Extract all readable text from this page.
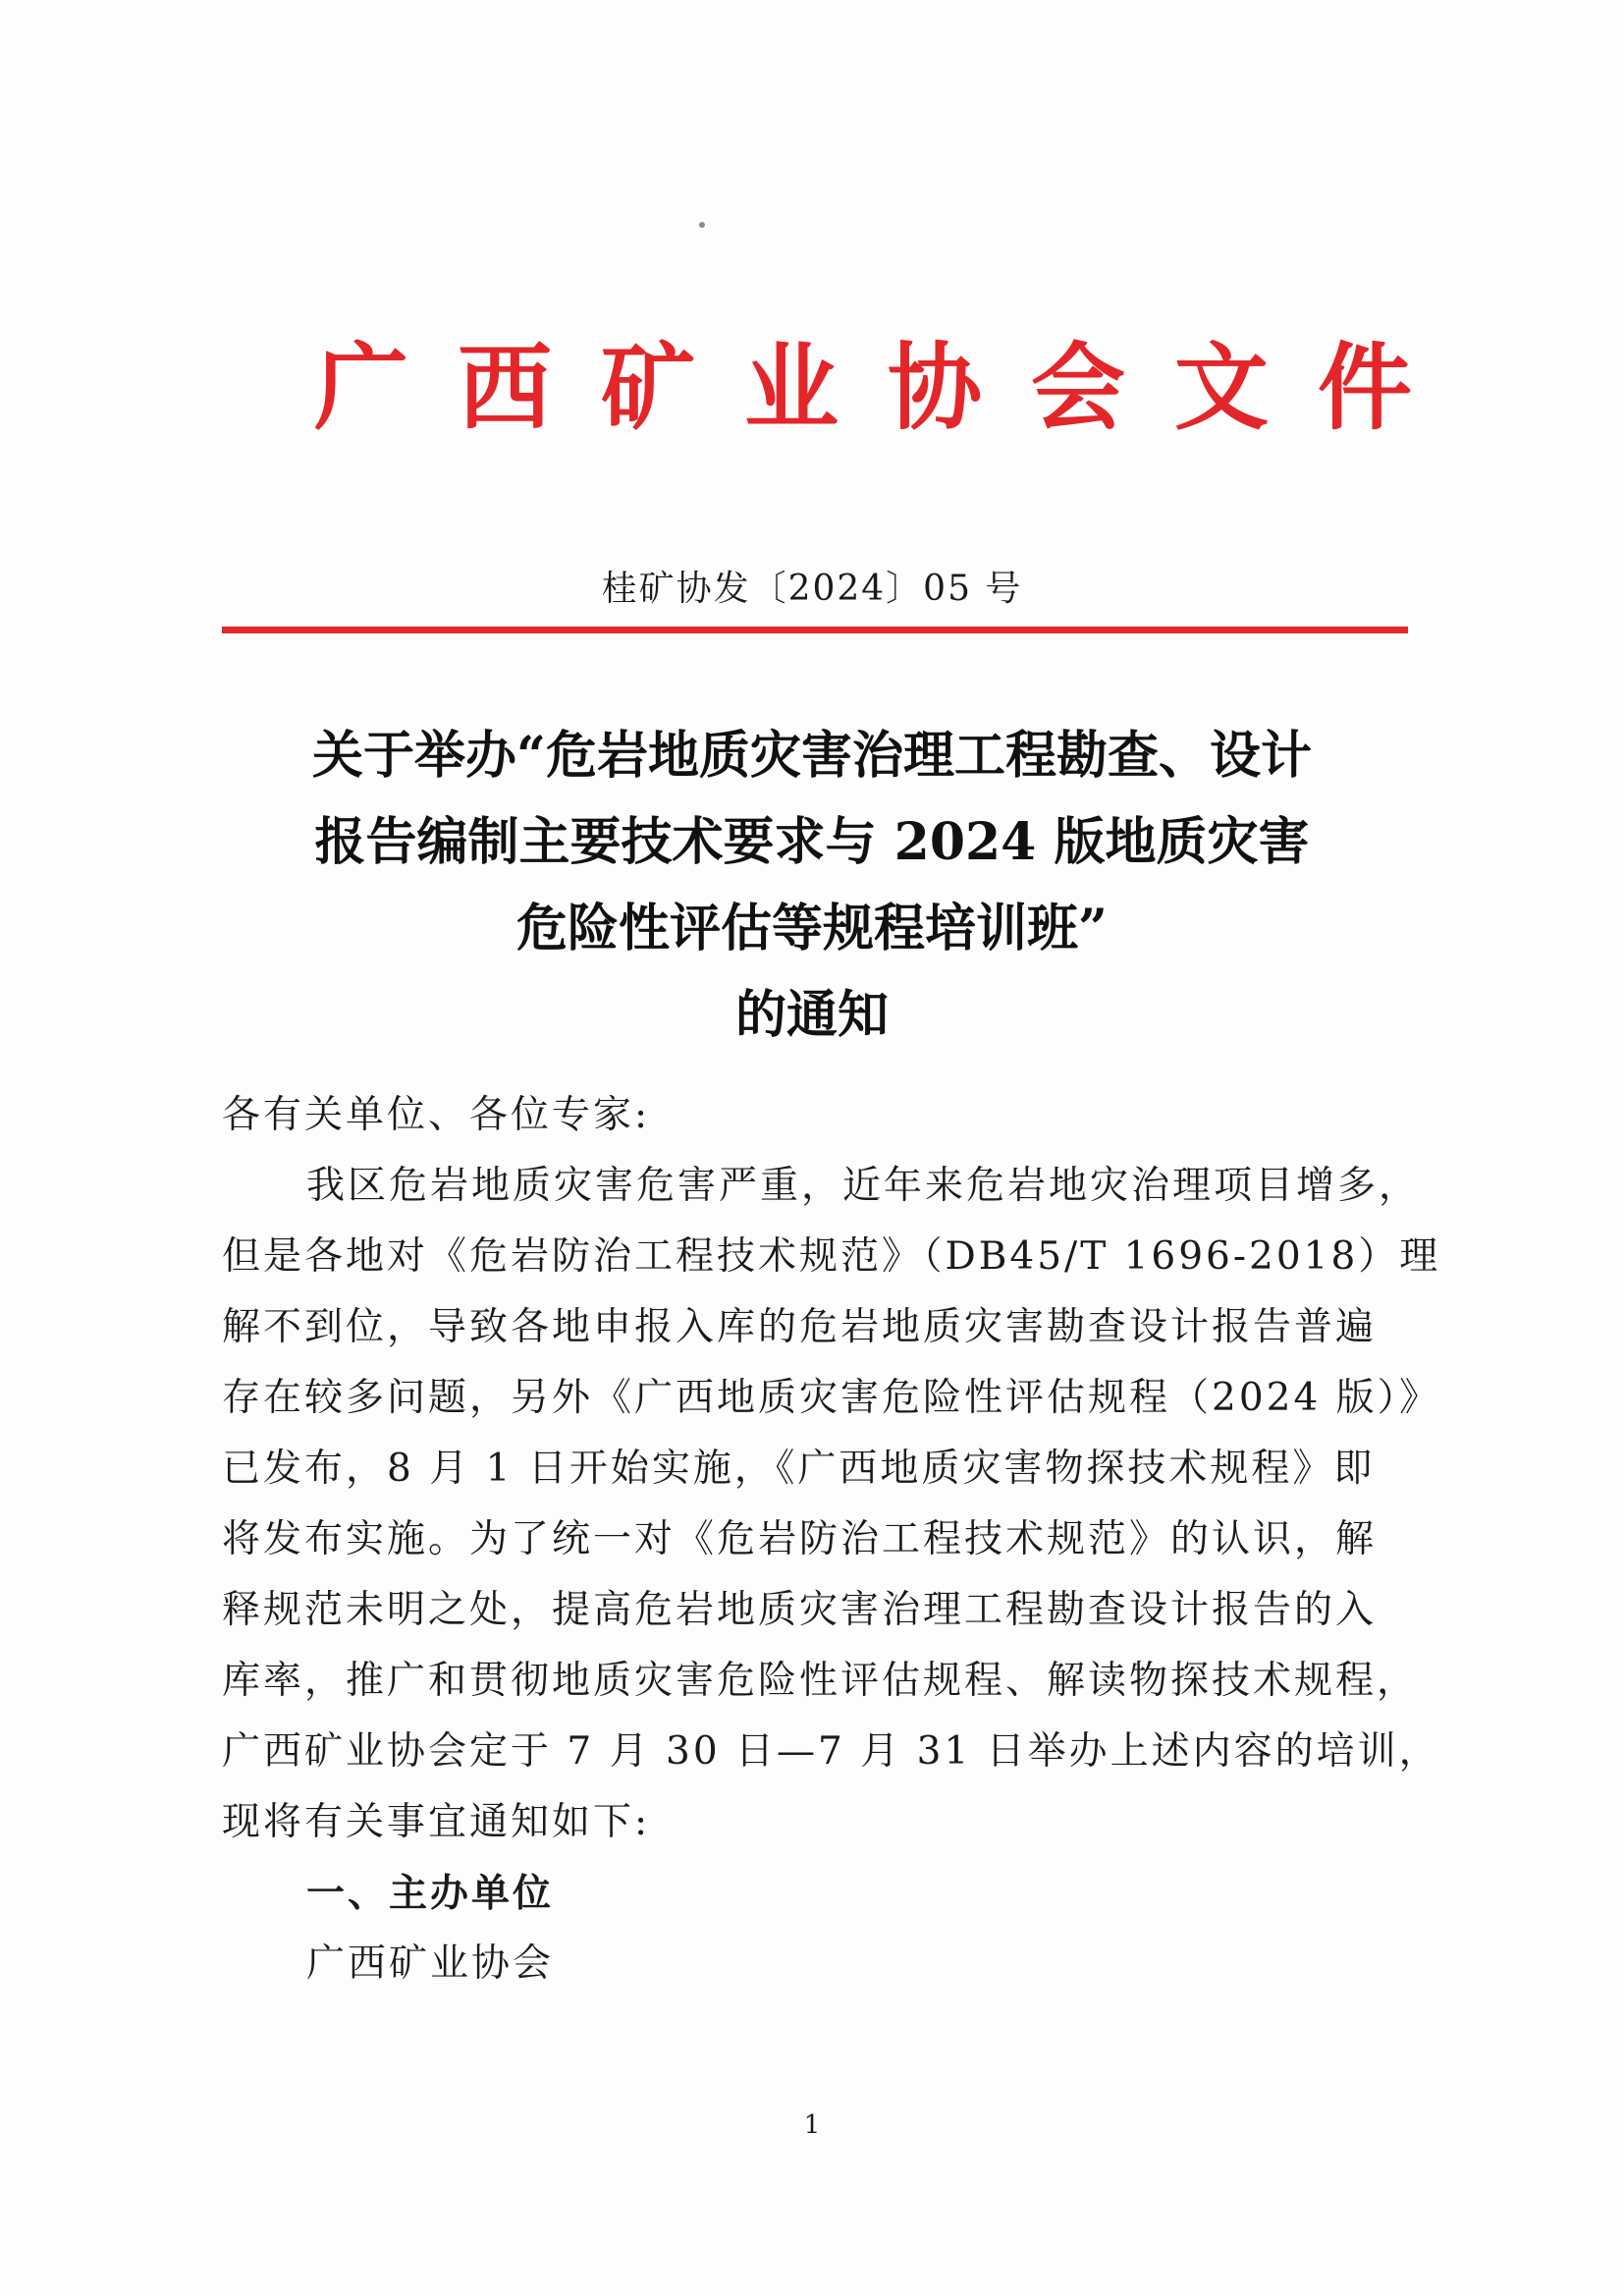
广西矿业协会文件
桂矿协发〔2024〕05 号
关于举办“危岩地质灾害治理工程勘查、设计
报告编制主要技术要求与 2024 版地质灾害
危险性评估等规程培训班”
的通知

各有关单位、各位专家:

我区危岩地质灾害危害严重，近年来危岩地灾治理项目增多，

但是各地对《危岩防治工程技术规范》（DB45/T 1696-2018）理

解不到位，导致各地申报入库的危岩地质灾害勘查设计报告普遍

存在较多问题，另外《广西地质灾害危险性评估规程（2024 版）》

已发布，8 月 1 日开始实施，《广西地质灾害物探技术规程》即

将发布实施。为了统一对《危岩防治工程技术规范》的认识，解

释规范未明之处，提高危岩地质灾害治理工程勘查设计报告的入

库率，推广和贯彻地质灾害危险性评估规程、解读物探技术规程，

广西矿业协会定于 7 月 30 日—7 月 31 日举办上述内容的培训，

现将有关事宜通知如下:

一、主办单位

广西矿业协会

1
